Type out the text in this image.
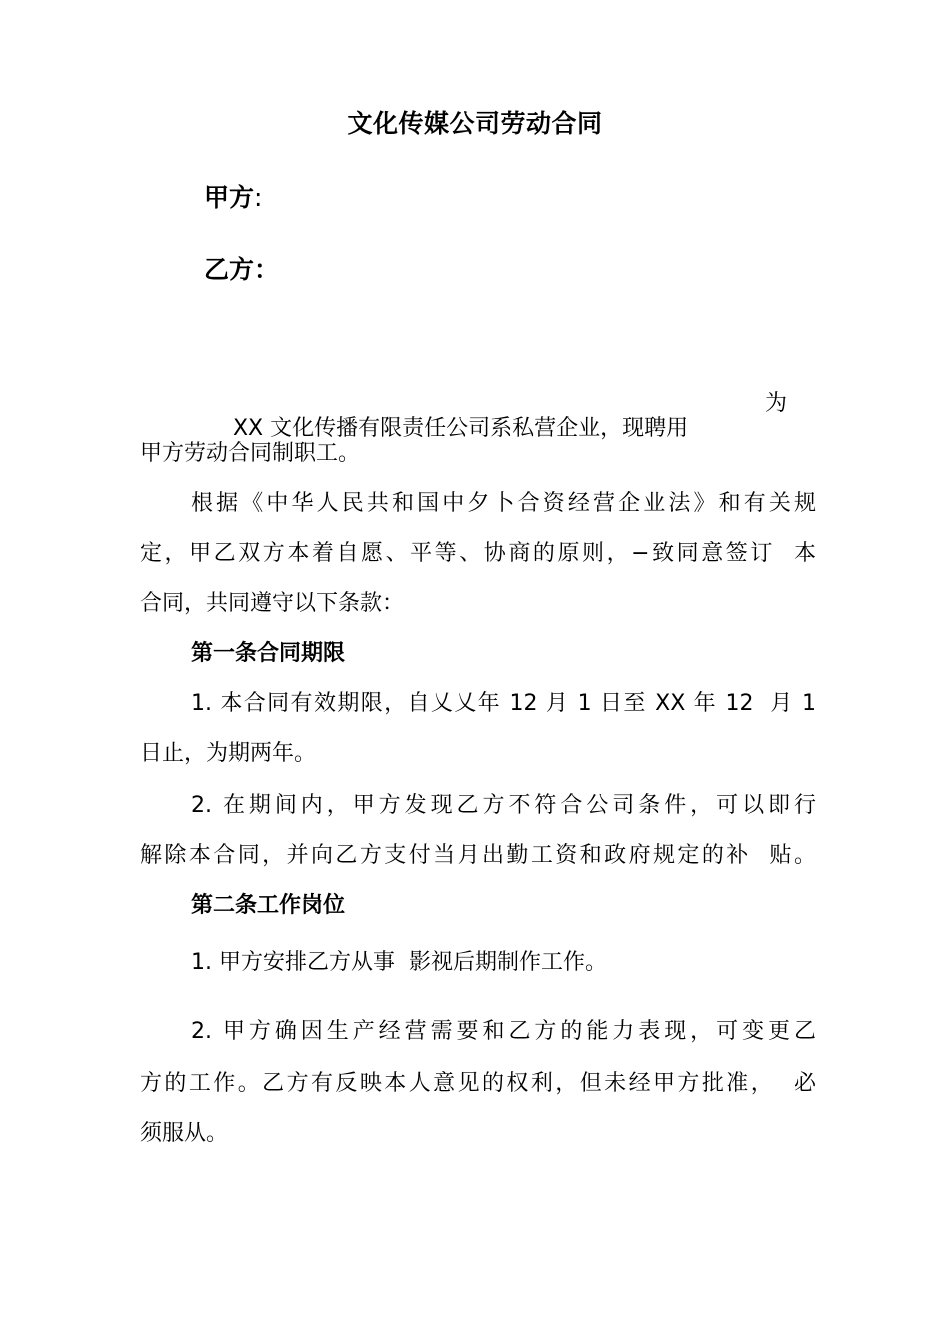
文化传媒公司劳动合同
甲方:
乙方：

XX 文化传播有限责任公司系私营企业，现聘用

为
甲方劳动合同制职工。
根据《中华人民共和国中夕卜合资经营企业法》和有关规
定，甲乙双方本着自愿、平等、协商的原则，−致同意签订  本
合同，共同遵守以下条款：
第一条合同期限
1. 本合同有效期限，自乂乂年 12 月 1 日至 XX 年 12  月 1
日止，为期两年。
2. 在期间内，甲方发现乙方不符合公司条件，可以即行
解除本合同，并向乙方支付当月出勤工资和政府规定的补  贴。
第二条工作岗位
1. 甲方安排乙方从事  影视后期制作工作。
2. 甲方确因生产经营需要和乙方的能力表现，可变更乙
方的工作。乙方有反映本人意见的权利，但未经甲方批准，  必
须服从。
